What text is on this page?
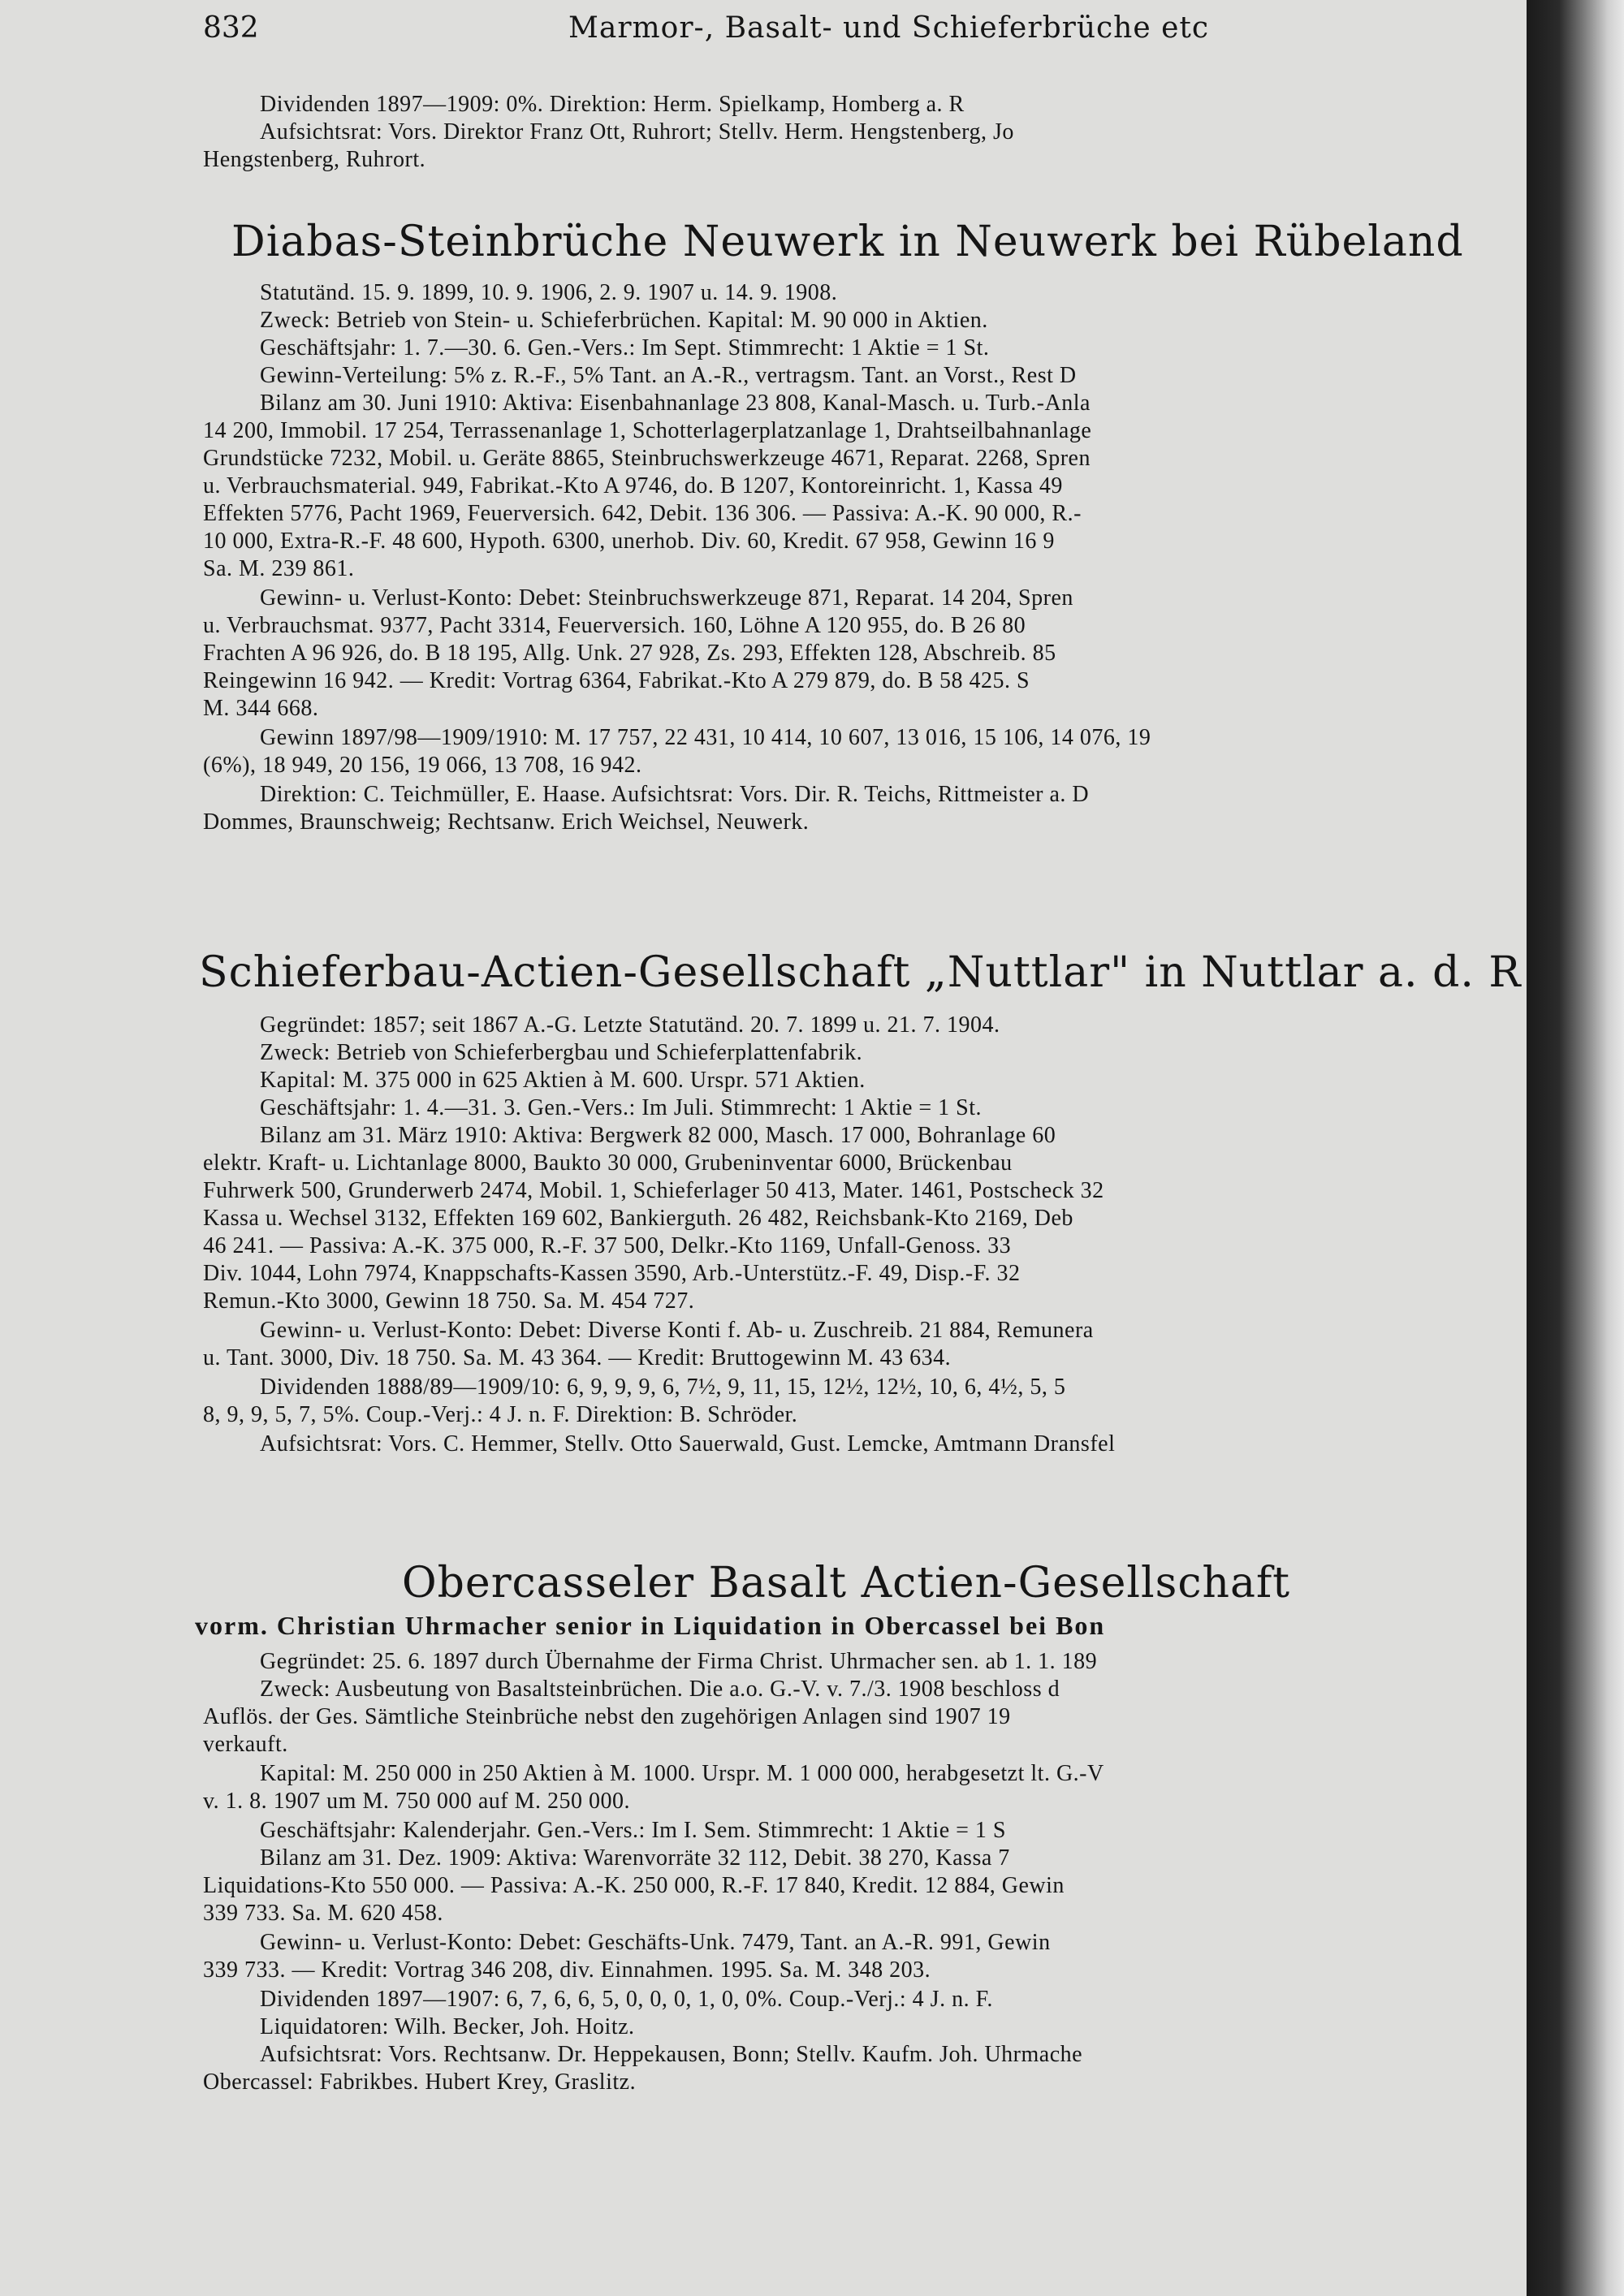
832	Marmor-, Basalt- und Schieferbrüche etc
Dividenden 1897—1909: 0%. Direktion: Herm. Spielkamp, Homberg a. R
Aufsichtsrat: Vors. Direktor Franz Ott, Ruhrort; Stellv. Herm. Hengstenberg, Jo
Hengstenberg, Ruhrort.
Diabas-Steinbrüche Neuwerk in Neuwerk bei Rübeland
Statutänd. 15. 9. 1899, 10. 9. 1906, 2. 9. 1907 u. 14. 9. 1908.
Zweck: Betrieb von Stein- u. Schieferbrüchen. Kapital: M. 90 000 in Aktien.
Geschäftsjahr: 1. 7.—30. 6. Gen.-Vers.: Im Sept. Stimmrecht: 1 Aktie = 1 St.
Gewinn-Verteilung: 5% z. R.-F., 5% Tant. an A.-R., vertragsm. Tant. an Vorst., Rest D
Bilanz am 30. Juni 1910: Aktiva: Eisenbahnanlage 23 808, Kanal-Masch. u. Turb.-Anla
14 200, Immobil. 17 254, Terrassenanlage 1, Schotterlagerplatzanlage 1, Drahtseilbahnanlage
Grundstücke 7232, Mobil. u. Geräte 8865, Steinbruchswerkzeuge 4671, Reparat. 2268, Spren
u. Verbrauchsmaterial. 949, Fabrikat.-Kto A 9746, do. B 1207, Kontoreinricht. 1, Kassa 49
Effekten 5776, Pacht 1969, Feuerversich. 642, Debit. 136 306. — Passiva: A.-K. 90 000, R.-
10 000, Extra-R.-F. 48 600, Hypoth. 6300, unerhob. Div. 60, Kredit. 67 958, Gewinn 16 9
Sa. M. 239 861.
Gewinn- u. Verlust-Konto: Debet: Steinbruchswerkzeuge 871, Reparat. 14 204, Spren
u. Verbrauchsmat. 9377, Pacht 3314, Feuerversich. 160, Löhne A 120 955, do. B 26 80
Frachten A 96 926, do. B 18 195, Allg. Unk. 27 928, Zs. 293, Effekten 128, Abschreib. 85
Reingewinn 16 942. — Kredit: Vortrag 6364, Fabrikat.-Kto A 279 879, do. B 58 425. S
M. 344 668.
Gewinn 1897/98—1909/1910: M. 17 757, 22 431, 10 414, 10 607, 13 016, 15 106, 14 076, 19
(6%), 18 949, 20 156, 19 066, 13 708, 16 942.
Direktion: C. Teichmüller, E. Haase. Aufsichtsrat: Vors. Dir. R. Teichs, Rittmeister a. D
Dommes, Braunschweig; Rechtsanw. Erich Weichsel, Neuwerk.
Schieferbau-Actien-Gesellschaft „Nuttlar" in Nuttlar a. d. R
Gegründet: 1857; seit 1867 A.-G. Letzte Statutänd. 20. 7. 1899 u. 21. 7. 1904.
Zweck: Betrieb von Schieferbergbau und Schieferplattenfabrik.
Kapital: M. 375 000 in 625 Aktien à M. 600. Urspr. 571 Aktien.
Geschäftsjahr: 1. 4.—31. 3. Gen.-Vers.: Im Juli. Stimmrecht: 1 Aktie = 1 St.
Bilanz am 31. März 1910: Aktiva: Bergwerk 82 000, Masch. 17 000, Bohranlage 60
elektr. Kraft- u. Lichtanlage 8000, Baukto 30 000, Grubeninventar 6000, Brückenbau
Fuhrwerk 500, Grunderwerb 2474, Mobil. 1, Schieferlager 50 413, Mater. 1461, Postscheck 32
Kassa u. Wechsel 3132, Effekten 169 602, Bankierguth. 26 482, Reichsbank-Kto 2169, Deb
46 241. — Passiva: A.-K. 375 000, R.-F. 37 500, Delkr.-Kto 1169, Unfall-Genoss. 33
Div. 1044, Lohn 7974, Knappschafts-Kassen 3590, Arb.-Unterstütz.-F. 49, Disp.-F. 32
Remun.-Kto 3000, Gewinn 18 750. Sa. M. 454 727.
Gewinn- u. Verlust-Konto: Debet: Diverse Konti f. Ab- u. Zuschreib. 21 884, Remunera
u. Tant. 3000, Div. 18 750. Sa. M. 43 364. — Kredit: Bruttogewinn M. 43 634.
Dividenden 1888/89—1909/10: 6, 9, 9, 9, 6, 7½, 9, 11, 15, 12½, 12½, 10, 6, 4½, 5, 5
8, 9, 9, 5, 7, 5%. Coup.-Verj.: 4 J. n. F. Direktion: B. Schröder.
Aufsichtsrat: Vors. C. Hemmer, Stellv. Otto Sauerwald, Gust. Lemcke, Amtmann Dransfel
Obercasseler Basalt Actien-Gesellschaft
vorm. Christian Uhrmacher senior in Liquidation in Obercassel bei Bon
Gegründet: 25. 6. 1897 durch Übernahme der Firma Christ. Uhrmacher sen. ab 1. 1. 189
Zweck: Ausbeutung von Basaltsteinbrüchen. Die a.o. G.-V. v. 7./3. 1908 beschloss d
Auflös. der Ges. Sämtliche Steinbrüche nebst den zugehörigen Anlagen sind 1907 19
verkauft.
Kapital: M. 250 000 in 250 Aktien à M. 1000. Urspr. M. 1 000 000, herabgesetzt lt. G.-V
v. 1. 8. 1907 um M. 750 000 auf M. 250 000.
Geschäftsjahr: Kalenderjahr. Gen.-Vers.: Im I. Sem. Stimmrecht: 1 Aktie = 1 S
Bilanz am 31. Dez. 1909: Aktiva: Warenvorräte 32 112, Debit. 38 270, Kassa 7
Liquidations-Kto 550 000. — Passiva: A.-K. 250 000, R.-F. 17 840, Kredit. 12 884, Gewin
339 733. Sa. M. 620 458.
Gewinn- u. Verlust-Konto: Debet: Geschäfts-Unk. 7479, Tant. an A.-R. 991, Gewin
339 733. — Kredit: Vortrag 346 208, div. Einnahmen. 1995. Sa. M. 348 203.
Dividenden 1897—1907: 6, 7, 6, 6, 5, 0, 0, 0, 1, 0, 0%. Coup.-Verj.: 4 J. n. F.
Liquidatoren: Wilh. Becker, Joh. Hoitz.
Aufsichtsrat: Vors. Rechtsanw. Dr. Heppekausen, Bonn; Stellv. Kaufm. Joh. Uhrmache
Obercassel: Fabrikbes. Hubert Krey, Graslitz.
